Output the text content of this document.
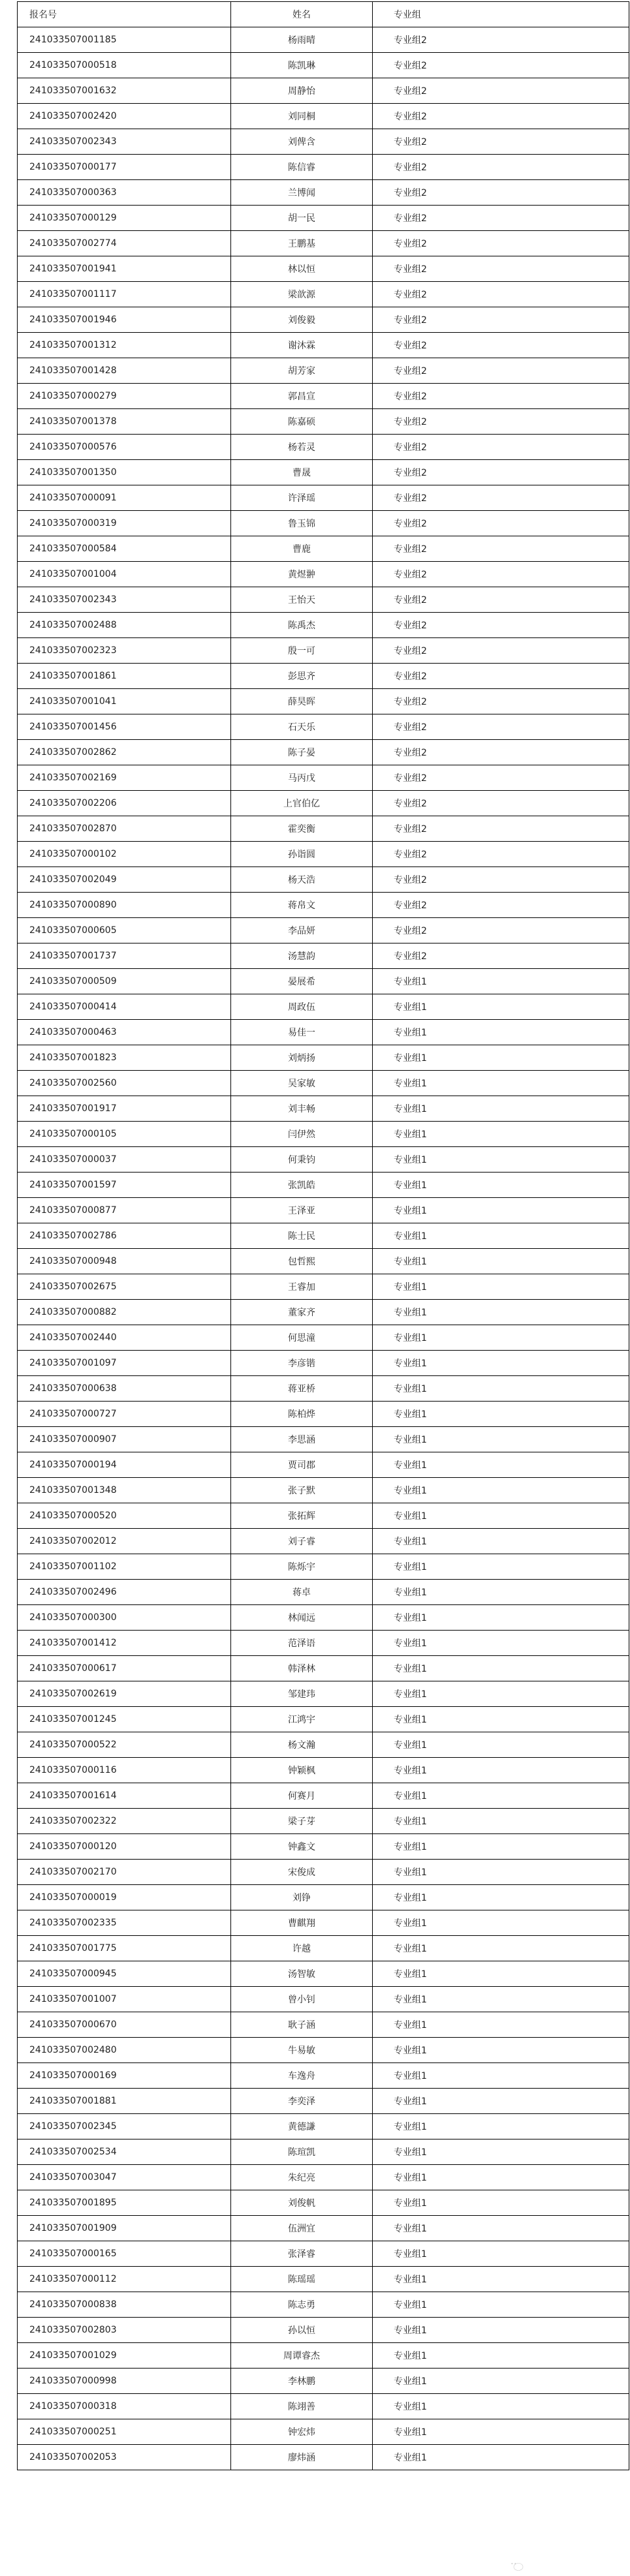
报名号	姓名	专业组
241033507001185	杨雨晴	专业组2
241033507000518	陈凯琳	专业组2
241033507001632	周静怡	专业组2
241033507002420	刘同桐	专业组2
241033507002343	刘俾含	专业组2
241033507000177	陈信睿	专业组2
241033507000363	兰博闻	专业组2
241033507000129	胡一民	专业组2
241033507002774	王鹏基	专业组2
241033507001941	林以恒	专业组2
241033507001117	梁歆源	专业组2
241033507001946	刘俊毅	专业组2
241033507001312	谢沐霖	专业组2
241033507001428	胡芳家	专业组2
241033507000279	郭昌宣	专业组2
241033507001378	陈嘉硕	专业组2
241033507000576	杨若灵	专业组2
241033507001350	曹晟	专业组2
241033507000091	许泽瑶	专业组2
241033507000319	鲁玉锦	专业组2
241033507000584	曹鹿	专业组2
241033507001004	黄煜翀	专业组2
241033507002343	王怡天	专业组2
241033507002488	陈禹杰	专业组2
241033507002323	殷一可	专业组2
241033507001861	彭思齐	专业组2
241033507001041	薛昊晖	专业组2
241033507001456	石天乐	专业组2
241033507002862	陈子晏	专业组2
241033507002169	马丙戊	专业组2
241033507002206	上官伯亿	专业组2
241033507002870	霍奕衡	专业组2
241033507000102	孙诣圆	专业组2
241033507002049	杨天浩	专业组2
241033507000890	蒋帛文	专业组2
241033507000605	李品妍	专业组2
241033507001737	汤慧韵	专业组2
241033507000509	晏展希	专业组1
241033507000414	周政伍	专业组1
241033507000463	易佳一	专业组1
241033507001823	刘炳扬	专业组1
241033507002560	吴家敏	专业组1
241033507001917	刘丰畅	专业组1
241033507000105	闫伊然	专业组1
241033507000037	何秉钧	专业组1
241033507001597	张凯皓	专业组1
241033507000877	王泽亚	专业组1
241033507002786	陈士民	专业组1
241033507000948	包哲熙	专业组1
241033507002675	王睿加	专业组1
241033507000882	董家齐	专业组1
241033507002440	何思潼	专业组1
241033507001097	李彦锴	专业组1
241033507000638	蒋亚桥	专业组1
241033507000727	陈柏烨	专业组1
241033507000907	李思涵	专业组1
241033507000194	贾司郡	专业组1
241033507001348	张子默	专业组1
241033507000520	张拓辉	专业组1
241033507002012	刘子睿	专业组1
241033507001102	陈烁宇	专业组1
241033507002496	蒋卓	专业组1
241033507000300	林闻远	专业组1
241033507001412	范泽语	专业组1
241033507000617	韩泽林	专业组1
241033507002619	邹建玮	专业组1
241033507001245	江鸿宇	专业组1
241033507000522	杨文瀚	专业组1
241033507000116	钟颖枫	专业组1
241033507001614	何赛月	专业组1
241033507002322	梁子芽	专业组1
241033507000120	钟鑫文	专业组1
241033507002170	宋俊成	专业组1
241033507000019	刘铮	专业组1
241033507002335	曹麒翔	专业组1
241033507001775	许越	专业组1
241033507000945	汤智敏	专业组1
241033507001007	曾小钊	专业组1
241033507000670	耿子涵	专业组1
241033507002480	牛易敏	专业组1
241033507000169	车逸舟	专业组1
241033507001881	李奕泽	专业组1
241033507002345	黄德謙	专业组1
241033507002534	陈瑄凯	专业组1
241033507003047	朱纪亮	专业组1
241033507001895	刘俊帆	专业组1
241033507001909	伍洲宜	专业组1
241033507000165	张泽睿	专业组1
241033507000112	陈瑶瑶	专业组1
241033507000838	陈志勇	专业组1
241033507002803	孙以恒	专业组1
241033507001029	周谭睿杰	专业组1
241033507000998	李林鹏	专业组1
241033507000318	陈翊善	专业组1
241033507000251	钟宏炜	专业组1
241033507002053	廖炜涵	专业组1
公众号 · 高考倒计时
